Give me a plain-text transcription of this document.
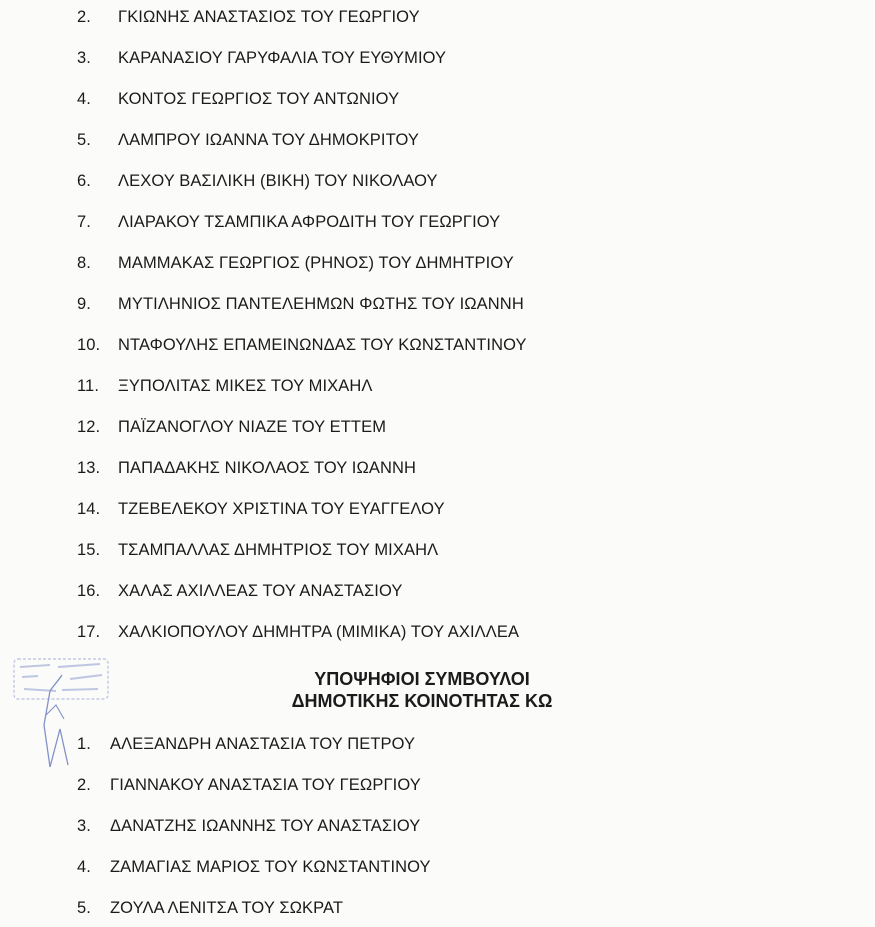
2. ΓΚΙΩΝΗΣ ΑΝΑΣΤΑΣΙΟΣ ΤΟΥ ΓΕΩΡΓΙΟΥ
3. ΚΑΡΑΝΑΣΙΟΥ ΓΑΡΥΦΑΛΙΑ ΤΟΥ ΕΥΘΥΜΙΟΥ
4. ΚΟΝΤΟΣ ΓΕΩΡΓΙΟΣ ΤΟΥ ΑΝΤΩΝΙΟΥ
5. ΛΑΜΠΡΟΥ ΙΩΑΝΝΑ ΤΟΥ ΔΗΜΟΚΡΙΤΟΥ
6. ΛΕΧΟΥ ΒΑΣΙΛΙΚΗ (ΒΙΚΗ) ΤΟΥ ΝΙΚΟΛΑΟΥ
7. ΛΙΑΡΑΚΟΥ ΤΣΑΜΠΙΚΑ ΑΦΡΟΔΙΤΗ ΤΟΥ ΓΕΩΡΓΙΟΥ
8. ΜΑΜΜΑΚΑΣ ΓΕΩΡΓΙΟΣ (ΡΗΝΟΣ) ΤΟΥ ΔΗΜΗΤΡΙΟΥ
9. ΜΥΤΙΛΗΝΙΟΣ ΠΑΝΤΕΛΕΗΜΩΝ ΦΩΤΗΣ ΤΟΥ ΙΩΑΝΝΗ
10. ΝΤΑΦΟΥΛΗΣ ΕΠΑΜΕΙΝΩΝΔΑΣ ΤΟΥ ΚΩΝΣΤΑΝΤΙΝΟΥ
11. ΞΥΠΟΛΙΤΑΣ ΜΙΚΕΣ ΤΟΥ ΜΙΧΑΗΛ
12. ΠΑΪΖΑΝΟΓΛΟΥ ΝΙΑΖΕ ΤΟΥ ΕΤΤΕΜ
13. ΠΑΠΑΔΑΚΗΣ ΝΙΚΟΛΑΟΣ ΤΟΥ ΙΩΑΝΝΗ
14. ΤΖΕΒΕΛΕΚΟΥ ΧΡΙΣΤΙΝΑ ΤΟΥ ΕΥΑΓΓΕΛΟΥ
15. ΤΣΑΜΠΑΛΛΑΣ ΔΗΜΗΤΡΙΟΣ ΤΟΥ ΜΙΧΑΗΛ
16. ΧΑΛΑΣ ΑΧΙΛΛΕΑΣ ΤΟΥ ΑΝΑΣΤΑΣΙΟΥ
17. ΧΑΛΚΙΟΠΟΥΛΟΥ ΔΗΜΗΤΡΑ (ΜΙΜΙΚΑ) ΤΟΥ ΑΧΙΛΛΕΑ
ΥΠΟΨΗΦΙΟΙ ΣΥΜΒΟΥΛΟΙ
ΔΗΜΟΤΙΚΗΣ ΚΟΙΝΟΤΗΤΑΣ ΚΩ
1. ΑΛΕΞΑΝΔΡΗ ΑΝΑΣΤΑΣΙΑ ΤΟΥ ΠΕΤΡΟΥ
2. ΓΙΑΝΝΑΚΟΥ ΑΝΑΣΤΑΣΙΑ ΤΟΥ ΓΕΩΡΓΙΟΥ
3. ΔΑΝΑΤΖΗΣ ΙΩΑΝΝΗΣ ΤΟΥ ΑΝΑΣΤΑΣΙΟΥ
4. ΖΑΜΑΓΙΑΣ ΜΑΡΙΟΣ ΤΟΥ ΚΩΝΣΤΑΝΤΙΝΟΥ
5. ΖΟΥΛΑ ΛΕΝΙΤΣΑ ΤΟΥ ΣΩΚΡΑΤ
